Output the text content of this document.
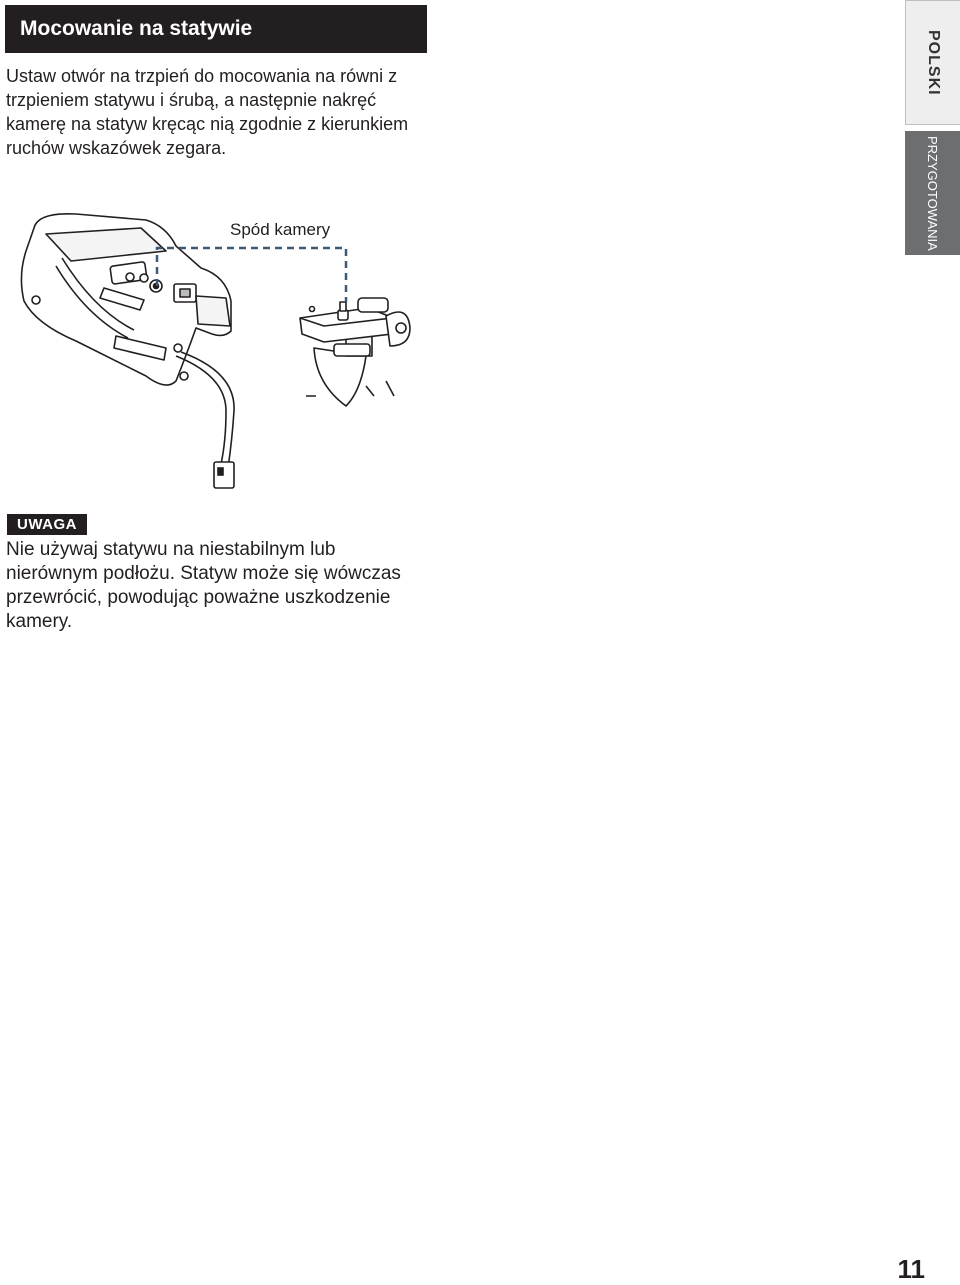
Mocowanie na statywie

Ustaw otwór na trzpień do mocowania na równi z trzpieniem statywu i śrubą, a następnie nakręć kamerę na statyw kręcąc nią zgodnie z kierunkiem ruchów wskazówek zegara.

POLSKI
PRZYGOTOWANIA
Spód kamery
UWAGA

Nie używaj statywu na niestabilnym lub nierównym podłożu. Statyw może się wówczas przewrócić, powodując poważne uszkodzenie kamery.

11
